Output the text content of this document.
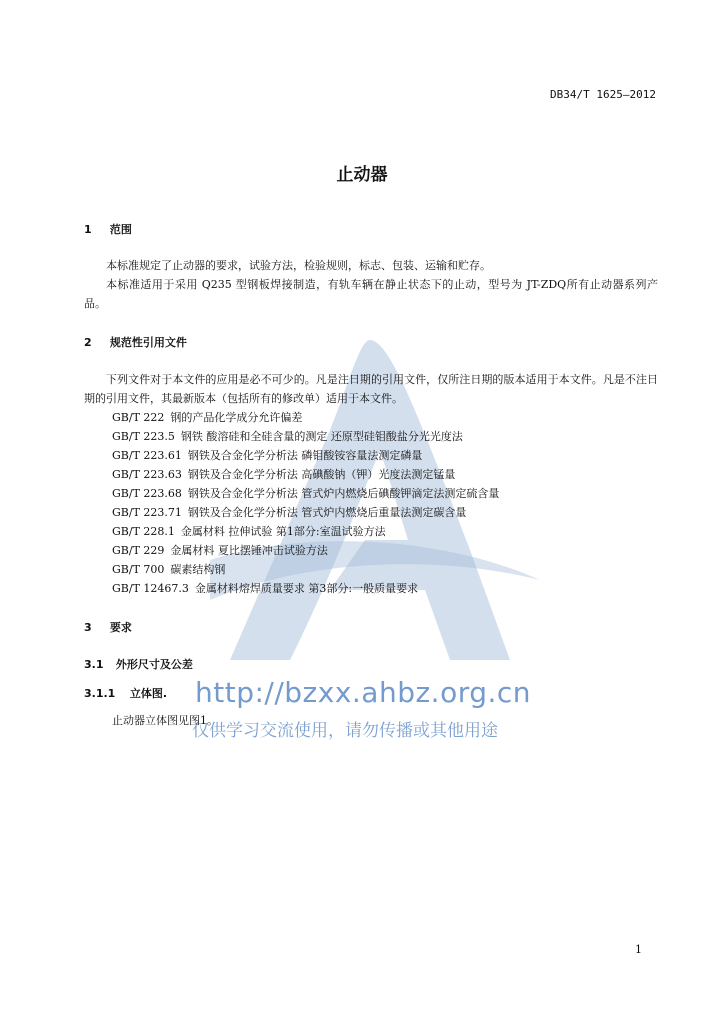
http://bzxx.ahbz.org.cn
仅供学习交流使用，请勿传播或其他用途
DB34/T 1625—2012
止动器
1 范围

本标准规定了止动器的要求，试验方法，检验规则，标志、包装、运输和贮存。

本标准适用于采用 Q235 型钢板焊接制造，有轨车辆在静止状态下的止动，型号为 JT-ZDQ所有止动器系列产品。

2 规范性引用文件

下列文件对于本文件的应用是必不可少的。凡是注日期的引用文件，仅所注日期的版本适用于本文件。凡是不注日期的引用文件，其最新版本（包括所有的修改单）适用于本文件。

GB/T 222 钢的产品化学成分允许偏差
GB/T 223.5 钢铁 酸溶硅和全硅含量的测定 还原型硅钼酸盐分光光度法
GB/T 223.61 钢铁及合金化学分析法 磷钼酸铵容量法测定磷量
GB/T 223.63 钢铁及合金化学分析法 高碘酸钠（钾）光度法测定锰量
GB/T 223.68 钢铁及合金化学分析法 管式炉内燃烧后碘酸钾滴定法测定硫含量
GB/T 223.71 钢铁及合金化学分析法 管式炉内燃烧后重量法测定碳含量
GB/T 228.1 金属材料 拉伸试验 第1部分:室温试验方法
GB/T 229 金属材料 夏比摆锤冲击试验方法
GB/T 700 碳素结构钢
GB/T 12467.3 金属材料熔焊质量要求 第3部分:一般质量要求
3 要求
3.1 外形尺寸及公差
3.1.1 立体图.
止动器立体图见图1。
1
